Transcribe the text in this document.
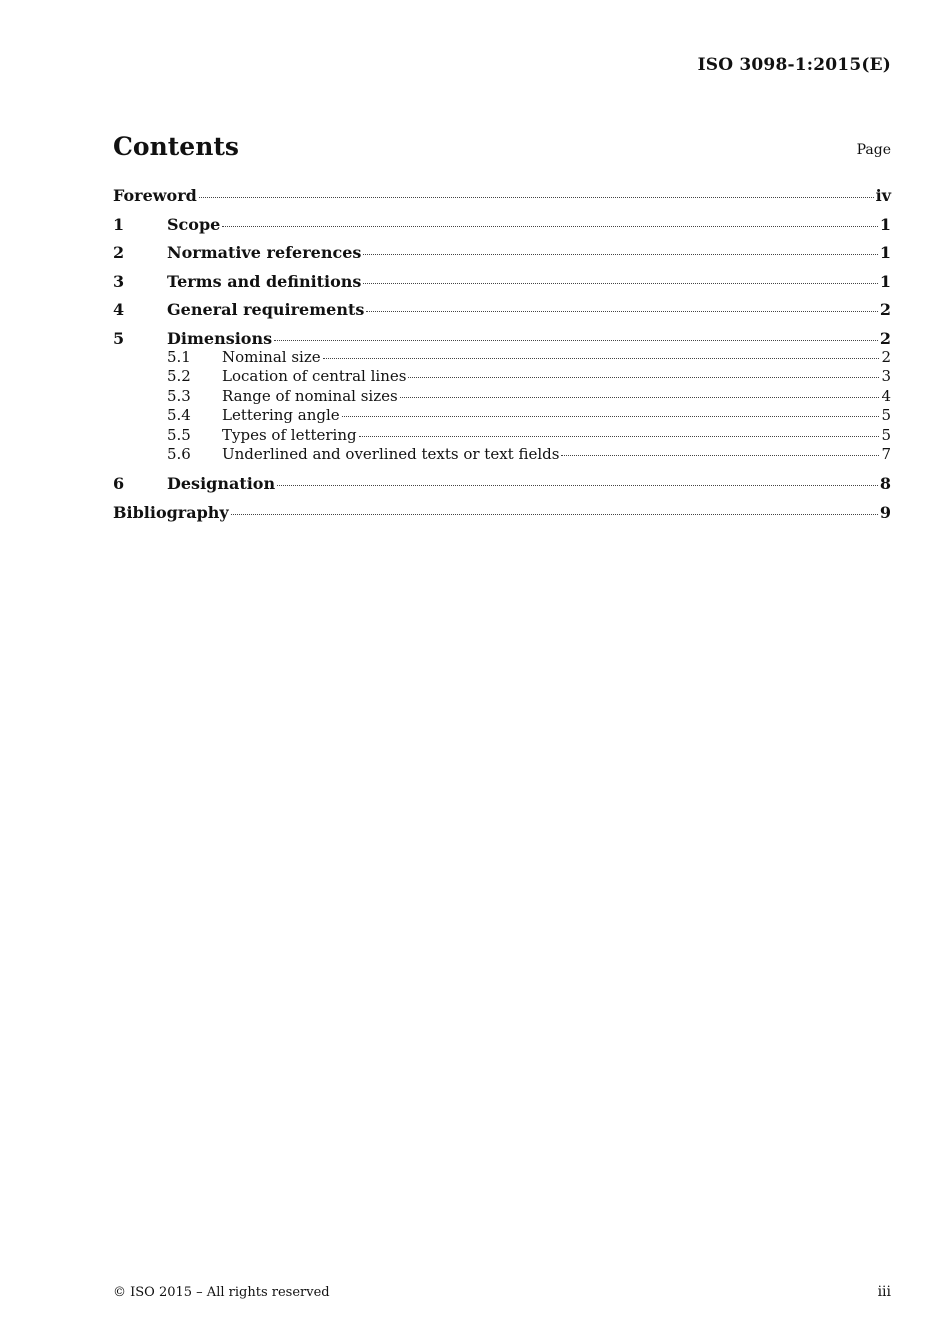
ISO 3098-1:2015(E)
Contents	Page
Foreword	iv
1	Scope	1
2	Normative references	1
3	Terms and definitions	1
4	General requirements	2
5	Dimensions	2
5.1	Nominal size	2
5.2	Location of central lines	3
5.3	Range of nominal sizes	4
5.4	Lettering angle	5
5.5	Types of lettering	5
5.6	Underlined and overlined texts or text fields	7
6	Designation	8
Bibliography	9
© ISO 2015 – All rights reserved	iii
